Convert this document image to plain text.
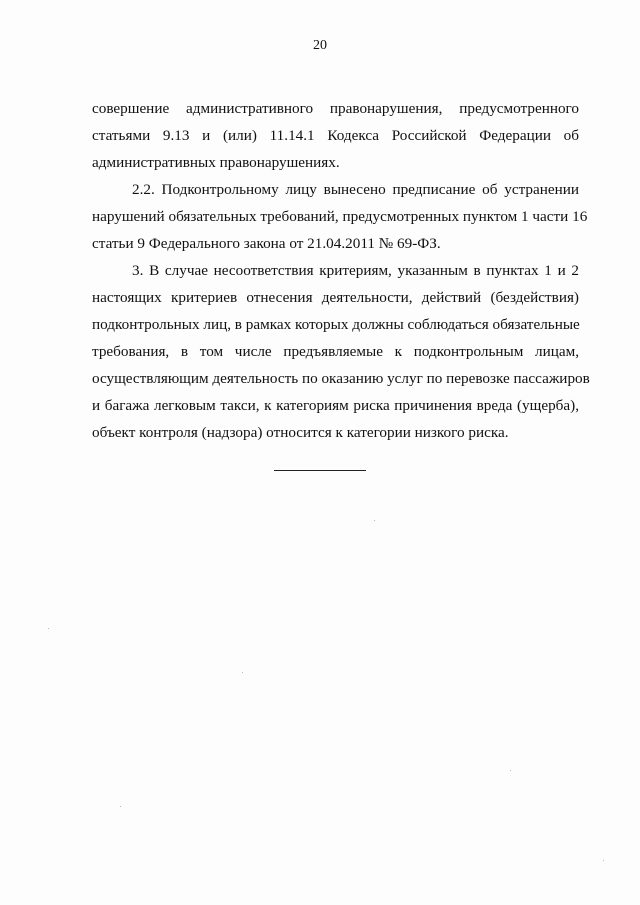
20
совершение административного правонарушения, предусмотренного
статьями 9.13 и (или) 11.14.1 Кодекса Российской Федерации об
административных правонарушениях.
2.2. Подконтрольному лицу вынесено предписание об устранении
нарушений обязательных требований, предусмотренных пунктом 1 части 16
статьи 9 Федерального закона от 21.04.2011 № 69-ФЗ.
3. В случае несоответствия критериям, указанным в пунктах 1 и 2
настоящих критериев отнесения деятельности, действий (бездействия)
подконтрольных лиц, в рамках которых должны соблюдаться обязательные
требования, в том числе предъявляемые к подконтрольным лицам,
осуществляющим деятельность по оказанию услуг по перевозке пассажиров
и багажа легковым такси, к категориям риска причинения вреда (ущерба),
объект контроля (надзора) относится к категории низкого риска.
